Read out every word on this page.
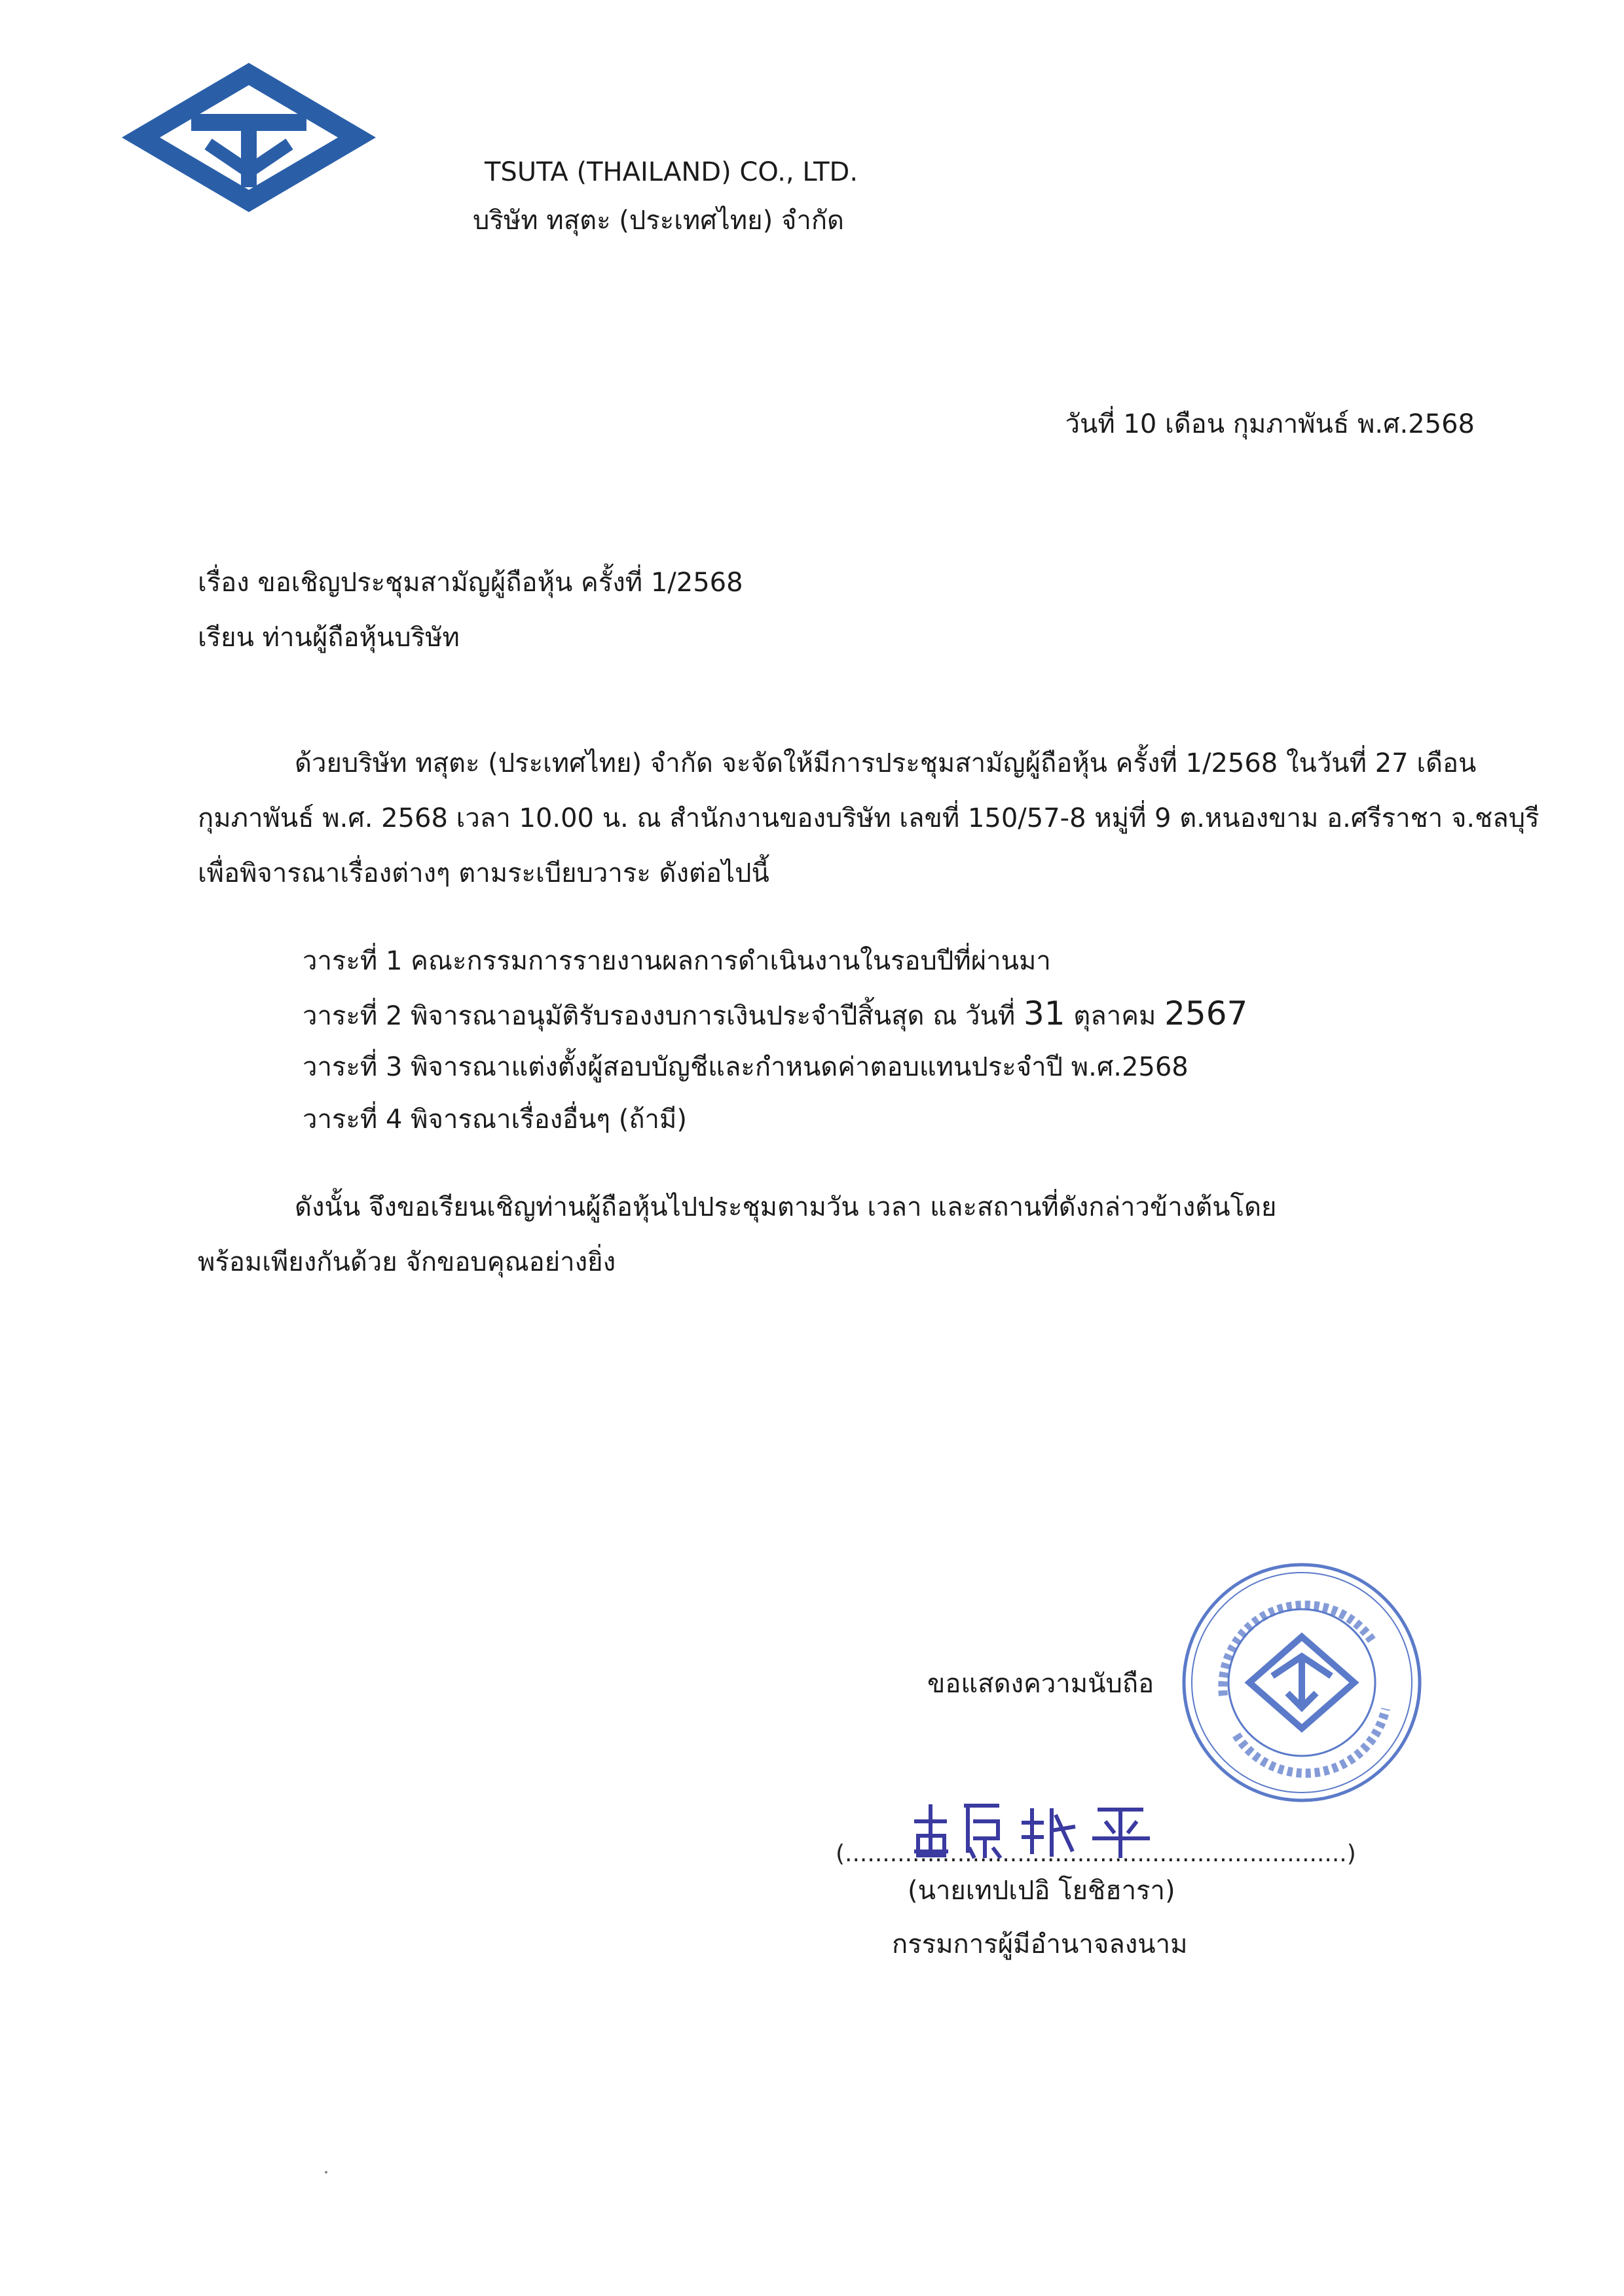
TSUTA (THAILAND) CO., LTD.
บริษัท ทสุตะ (ประเทศไทย) จำกัด
วันที่ 10 เดือน กุมภาพันธ์ พ.ศ.2568
เรื่อง ขอเชิญประชุมสามัญผู้ถือหุ้น ครั้งที่ 1/2568
เรียน ท่านผู้ถือหุ้นบริษัท
ด้วยบริษัท ทสุตะ (ประเทศไทย) จำกัด จะจัดให้มีการประชุมสามัญผู้ถือหุ้น ครั้งที่ 1/2568 ในวันที่ 27 เดือน
กุมภาพันธ์ พ.ศ. 2568 เวลา 10.00 น. ณ สำนักงานของบริษัท เลขที่ 150/57-8 หมู่ที่ 9 ต.หนองขาม อ.ศรีราชา จ.ชลบุรี
เพื่อพิจารณาเรื่องต่างๆ ตามระเบียบวาระ ดังต่อไปนี้
วาระที่ 1 คณะกรรมการรายงานผลการดำเนินงานในรอบปีที่ผ่านมา
วาระที่ 2 พิจารณาอนุมัติรับรองงบการเงินประจำปีสิ้นสุด ณ วันที่ 31 ตุลาคม 2567
วาระที่ 3 พิจารณาแต่งตั้งผู้สอบบัญชีและกำหนดค่าตอบแทนประจำปี พ.ศ.2568
วาระที่ 4 พิจารณาเรื่องอื่นๆ (ถ้ามี)
ดังนั้น จึงขอเรียนเชิญท่านผู้ถือหุ้นไปประชุมตามวัน เวลา และสถานที่ดังกล่าวข้างต้นโดย
พร้อมเพียงกันด้วย จักขอบคุณอย่างยิ่ง
ขอแสดงความนับถือ
(...................................................................)
(นายเทปเปอิ โยชิฮารา)
กรรมการผู้มีอำนาจลงนาม
